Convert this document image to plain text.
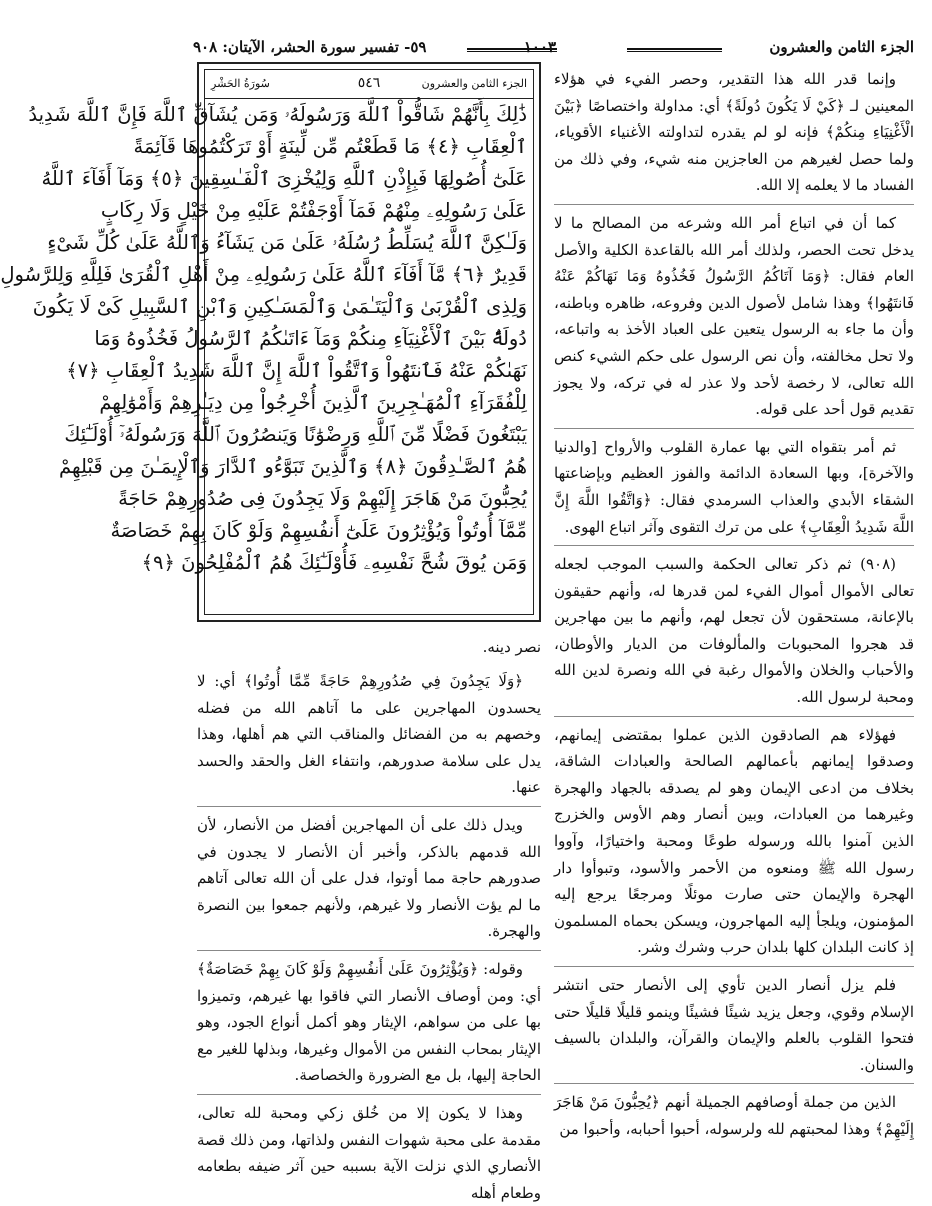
الجزء الثامن والعشرون
١٠٠٣
٥٩- تفسير سورة الحشر، الآيتان: ٩٠٨
الجزء الثامن والعشرون
٥٤٦
سُورَةُ الحَشْرِ
ذَٰلِكَ بِأَنَّهُمْ شَاقُّواْ ٱللَّهَ وَرَسُولَهُۥ وَمَن يُشَآقِّ ٱللَّهَ فَإِنَّ ٱللَّهَ شَدِيدُ
ٱلْعِقَابِ ﴿٤﴾ مَا قَطَعْتُم مِّن لِّينَةٍ أَوْ تَرَكْتُمُوهَا قَآئِمَةً
عَلَىٰٓ أُصُولِهَا فَبِإِذْنِ ٱللَّهِ وَلِيُخْزِىَ ٱلْفَـٰسِقِينَ ﴿٥﴾ وَمَآ أَفَآءَ ٱللَّهُ
عَلَىٰ رَسُولِهِۦ مِنْهُمْ فَمَآ أَوْجَفْتُمْ عَلَيْهِ مِنْ خَيْلٍ وَلَا رِكَابٍ
وَلَـٰكِنَّ ٱللَّهَ يُسَلِّطُ رُسُلَهُۥ عَلَىٰ مَن يَشَآءُ وَٱللَّهُ عَلَىٰ كُلِّ شَىْءٍ
قَدِيرٌ ﴿٦﴾ مَّآ أَفَآءَ ٱللَّهُ عَلَىٰ رَسُولِهِۦ مِنْ أَهْلِ ٱلْقُرَىٰ فَلِلَّهِ وَلِلرَّسُولِ
وَلِذِى ٱلْقُرْبَىٰ وَٱلْيَتَـٰمَىٰ وَٱلْمَسَـٰكِينِ وَٱبْنِ ٱلسَّبِيلِ كَىْ لَا يَكُونَ
دُولَةًۢ بَيْنَ ٱلْأَغْنِيَآءِ مِنكُمْ وَمَآ ءَاتَىٰكُمُ ٱلرَّسُولُ فَخُذُوهُ وَمَا
نَهَىٰكُمْ عَنْهُ فَٱنتَهُواْ وَٱتَّقُواْ ٱللَّهَ إِنَّ ٱللَّهَ شَدِيدُ ٱلْعِقَابِ ﴿٧﴾
لِلْفُقَرَآءِ ٱلْمُهَـٰجِرِينَ ٱلَّذِينَ أُخْرِجُواْ مِن دِيَـٰرِهِمْ وَأَمْوَٰلِهِمْ
يَبْتَغُونَ فَضْلًا مِّنَ ٱللَّهِ وَرِضْوَٰنًا وَيَنصُرُونَ ٱللَّهَ وَرَسُولَهُۥٓ أُوْلَـٰٓئِكَ
هُمُ ٱلصَّـٰدِقُونَ ﴿٨﴾ وَٱلَّذِينَ تَبَوَّءُو ٱلدَّارَ وَٱلْإِيمَـٰنَ مِن قَبْلِهِمْ
يُحِبُّونَ مَنْ هَاجَرَ إِلَيْهِمْ وَلَا يَجِدُونَ فِى صُدُورِهِمْ حَاجَةً
مِّمَّآ أُوتُواْ وَيُؤْثِرُونَ عَلَىٰٓ أَنفُسِهِمْ وَلَوْ كَانَ بِهِمْ خَصَاصَةٌ
وَمَن يُوقَ شُحَّ نَفْسِهِۦ فَأُوْلَـٰٓئِكَ هُمُ ٱلْمُفْلِحُونَ ﴿٩﴾

وإنما قدر الله هذا التقدير، وحصر الفيء في هؤلاء المعينين لـ ﴿كَيْ لَا يَكُونَ دُولَةً﴾ أي: مداولة واختصاصًا ﴿بَيْنَ الْأَغْنِيَاءِ مِنكُمْ﴾ فإنه لو لم يقدره لتداولته الأغنياء الأقوياء، ولما حصل لغيرهم من العاجزين منه شيء، وفي ذلك من الفساد ما لا يعلمه إلا الله.

كما أن في اتباع أمر الله وشرعه من المصالح ما لا يدخل تحت الحصر، ولذلك أمر الله بالقاعدة الكلية والأصل العام فقال: ﴿وَمَا آتَاكُمُ الرَّسُولُ فَخُذُوهُ وَمَا نَهَاكُمْ عَنْهُ فَانتَهُوا﴾ وهذا شامل لأصول الدين وفروعه، ظاهره وباطنه، وأن ما جاء به الرسول يتعين على العباد الأخذ به واتباعه، ولا تحل مخالفته، وأن نص الرسول على حكم الشيء كنص الله تعالى، لا رخصة لأحد ولا عذر له في تركه، ولا يجوز تقديم قول أحد على قوله.

ثم أمر بتقواه التي بها عمارة القلوب والأرواح [والدنيا والآخرة]، وبها السعادة الدائمة والفوز العظيم وبإضاعتها الشقاء الأبدي والعذاب السرمدي فقال: ﴿وَاتَّقُوا اللَّهَ إِنَّ اللَّهَ شَدِيدُ الْعِقَابِ﴾ على من ترك التقوى وآثر اتباع الهوى.

(٩٠٨) ثم ذكر تعالى الحكمة والسبب الموجب لجعله تعالى الأموال أموال الفيء لمن قدرها له، وأنهم حقيقون بالإعانة، مستحقون لأن تجعل لهم، وأنهم ما بين مهاجرين قد هجروا المحبوبات والمألوفات من الديار والأوطان، والأحباب والخلان والأموال رغبة في الله ونصرة لدين الله ومحبة لرسول الله.

فهؤلاء هم الصادقون الذين عملوا بمقتضى إيمانهم، وصدقوا إيمانهم بأعمالهم الصالحة والعبادات الشاقة، بخلاف من ادعى الإيمان وهو لم يصدقه بالجهاد والهجرة وغيرهما من العبادات، وبين أنصار وهم الأوس والخزرج الذين آمنوا بالله ورسوله طوعًا ومحبة واختيارًا، وآووا رسول الله ﷺ ومنعوه من الأحمر والأسود، وتبوأوا دار الهجرة والإيمان حتى صارت موئلًا ومرجعًا يرجع إليه المؤمنون، ويلجأ إليه المهاجرون، ويسكن بحماه المسلمون إذ كانت البلدان كلها بلدان حرب وشرك وشر.

فلم يزل أنصار الدين تأوي إلى الأنصار حتى انتشر الإسلام وقوي، وجعل يزيد شيئًا فشيئًا وينمو قليلًا قليلًا حتى فتحوا القلوب بالعلم والإيمان والقرآن، والبلدان بالسيف والسنان.

الذين من جملة أوصافهم الجميلة أنهم ﴿يُحِبُّونَ مَنْ هَاجَرَ إِلَيْهِمْ﴾ وهذا لمحبتهم لله ولرسوله، أحبوا أحبابه، وأحبوا من

نصر دينه.

﴿وَلَا يَجِدُونَ فِي صُدُورِهِمْ حَاجَةً مِّمَّا أُوتُوا﴾ أي: لا يحسدون المهاجرين على ما آتاهم الله من فضله وخصهم به من الفضائل والمناقب التي هم أهلها، وهذا يدل على سلامة صدورهم، وانتفاء الغل والحقد والحسد عنها.

ويدل ذلك على أن المهاجرين أفضل من الأنصار، لأن الله قدمهم بالذكر، وأخبر أن الأنصار لا يجدون في صدورهم حاجة مما أوتوا، فدل على أن الله تعالى آتاهم ما لم يؤت الأنصار ولا غيرهم، ولأنهم جمعوا بين النصرة والهجرة.

وقوله: ﴿وَيُؤْثِرُونَ عَلَىٰ أَنفُسِهِمْ وَلَوْ كَانَ بِهِمْ خَصَاصَةٌ﴾ أي: ومن أوصاف الأنصار التي فاقوا بها غيرهم، وتميزوا بها على من سواهم، الإيثار وهو أكمل أنواع الجود، وهو الإيثار بمحاب النفس من الأموال وغيرها، وبذلها للغير مع الحاجة إليها، بل مع الضرورة والخصاصة.

وهذا لا يكون إلا من خُلق زكي ومحبة لله تعالى، مقدمة على محبة شهوات النفس ولذاتها، ومن ذلك قصة الأنصاري الذي نزلت الآية بسببه حين آثر ضيفه بطعامه وطعام أهله
